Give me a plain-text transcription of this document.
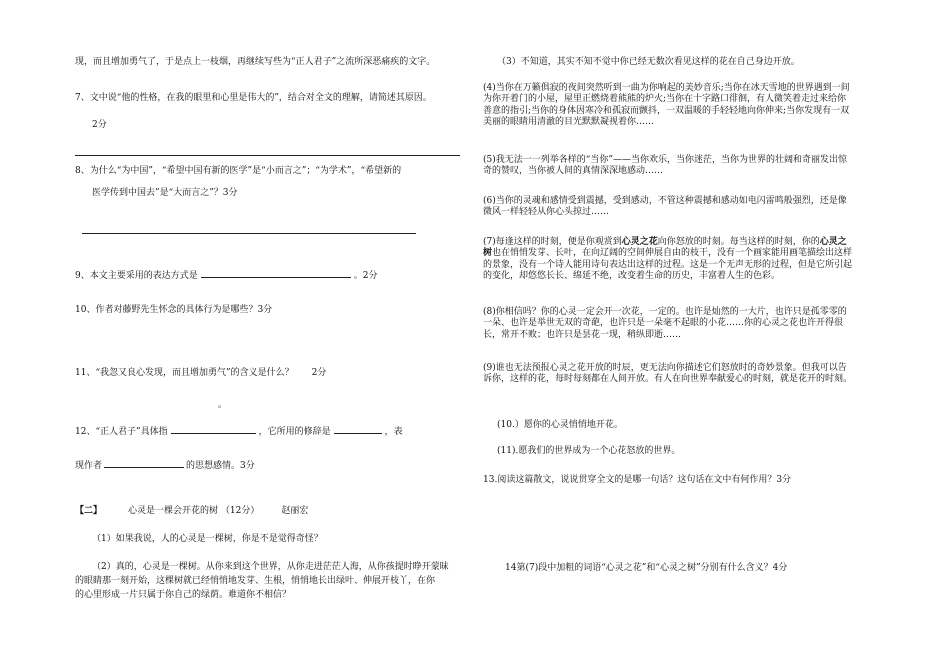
现，而且增加勇气了，于是点上一枝烟，再继续写些为“正人君子”之流所深恶痛疾的文字。
7、文中说“他的性格，在我的眼里和心里是伟大的”，结合对全文的理解，请简述其原因。
2分
8、为什么“为中国”，“希望中国有新的医学”是“小而言之”；“为学术”，“希望新的
医学传到中国去”是“大而言之”？3分
9、本文主要采用的表达方式是	。2分
10、作者对藤野先生怀念的具体行为是哪些？3分
11、“我忽又良心发现，而且增加勇气”的含义是什么？ 2分
。
12、“正人君子”具体指	，它所用的修辞是	，表
现作者	的思想感情。3分
【二】	心灵是一棵会开花的树 （12分） 赵丽宏
（1）如果我说，人的心灵是一棵树，你是不是觉得奇怪？
（2）真的，心灵是一棵树。从你来到这个世界，从你走进茫茫人海，从你孩提时睁开蒙昧
的眼睛那一刻开始，这棵树就已经悄悄地发芽、生根，悄悄地长出绿叶、伸展开枝丫，在你
的心里形成一片只属于你自己的绿荫。难道你不相信？
（3）不知道，其实不知不觉中你已经无数次看见这样的花在自己身边开放。
(4)当你在万籁俱寂的夜间突然听到一曲为你响起的美妙音乐;当你在冰天雪地的世界遇到一间为你开着门的小屋，屋里正燃烧着熊熊的炉火;当你在十字路口徘徊，有人微笑着走过来给你善意的指引;当你的身体因寒冷和孤寂而颤抖，一双温暖的手轻轻地向你伸来;当你发现有一双美丽的眼睛用清澈的目光默默凝视着你……
(5)我无法一一列举各样的“当你”——当你欢乐，当你迷茫，当你为世界的壮阔和奇丽发出惊奇的赞叹，当你被人间的真情深深地感动……
(6)当你的灵魂和感情受到震撼，受到感动，不管这种震撼和感动如电闪雷鸣般强烈，还是像微风一样轻轻从你心头掠过……
(7)每逢这样的时刻，便是你观赏到心灵之花向你怒放的时刻。每当这样的时刻，你的心灵之树也在悄悄发芽、长叶，在向辽阔的空间伸展自由的枝干，没有一个画家能用画笔描绘出这样的景象，没有一个诗人能用诗句表达出这样的过程。这是一个无声无形的过程，但是它所引起的变化，却悠悠长长、绵延不绝，改变着生命的历史，丰富着人生的色彩。
(8)你相信吗？你的心灵一定会开一次花，一定的。也许是灿然的一大片，也许只是孤零零的一朵、也许是举世无双的奇葩，也许只是一朵毫不起眼的小花……你的心灵之花也许开得很长，常开不败；也许只是昙花一现，稍纵即逝……
(9)谁也无法预报心灵之花开放的时辰，更无法向你描述它们怒放时的奇妙景象。但我可以告诉你，这样的花，每时每刻都在人间开放。有人在向世界奉献爱心的时刻，就是花开的时刻。
(10.）愿你的心灵悄悄地开花。
(11).愿我们的世界成为一个心花怒放的世界。
13.阅读这篇散文，说说贯穿全文的是哪一句话？这句话在文中有何作用？3分
14第(7)段中加粗的词语“心灵之花”和“心灵之树”分别有什么含义？4分
